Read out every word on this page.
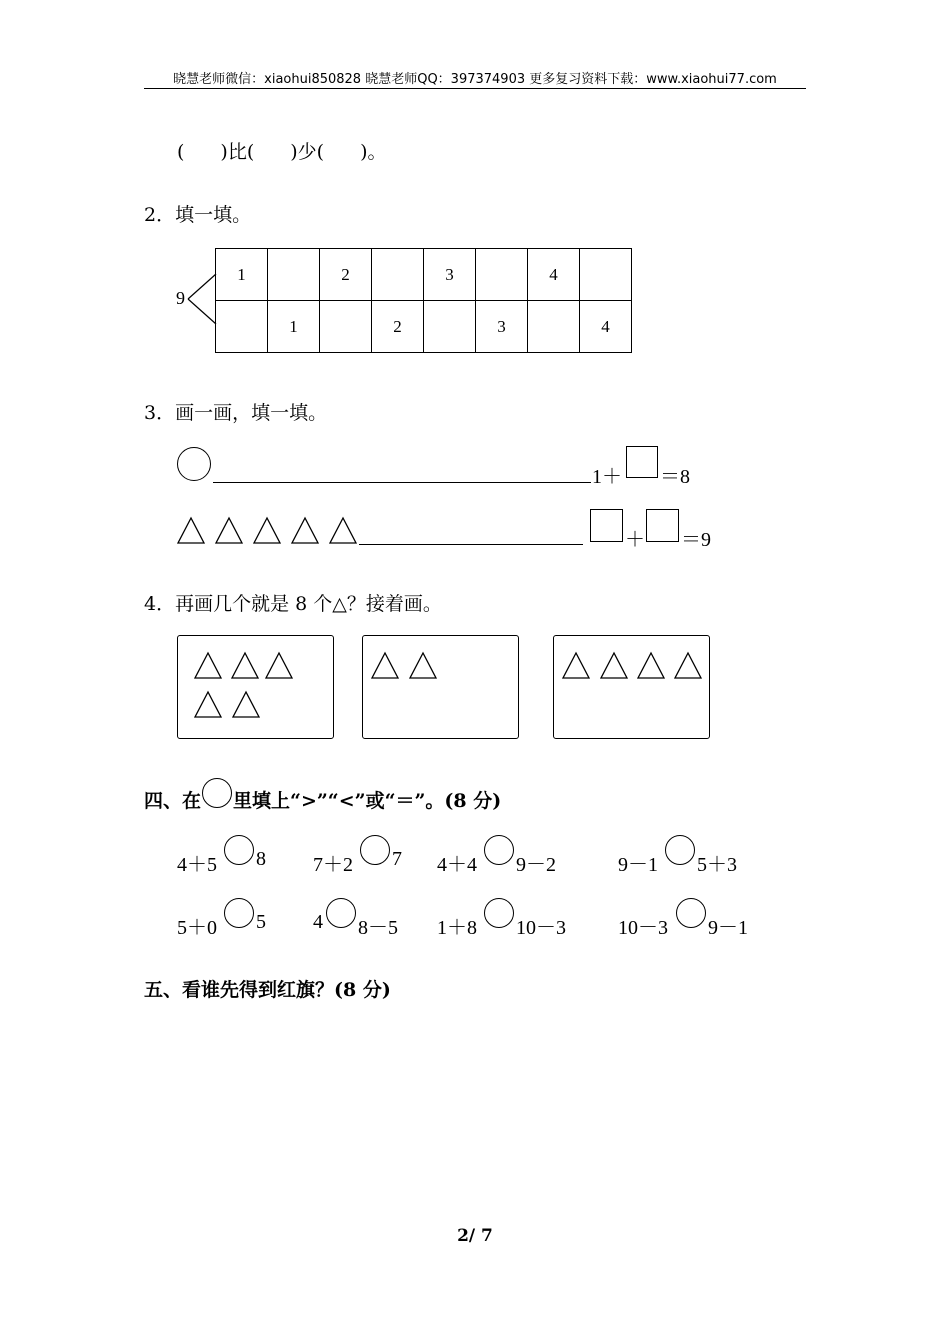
晓慧老师微信：xiaohui850828 晓慧老师QQ：397374903 更多复习资料下载：www.xiaohui77.com
( )比( )少( )。
2．填一填。
9
1		2		3		4	
	1		2		3		4
3．画一画，填一填。
1＋ ＝8
＋ ＝9
4．再画几个就是 8 个△？接着画。
四、在 里填上“>”“<”或“＝”。(8 分)
4＋5 8 7＋2 7 4＋4 9－2	9－1 5＋3
5＋0 5 4 8－5 1＋8 10－3	10－3 9－1
五、看谁先得到红旗？(8 分)
2/ 7
